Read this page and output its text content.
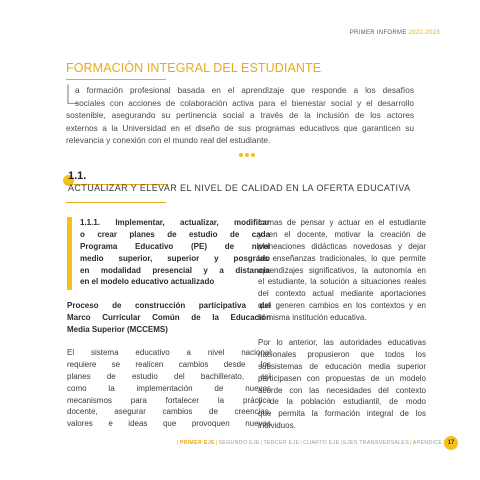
PRIMER INFORME 2022-2023
FORMACIÓN INTEGRAL DEL ESTUDIANTE
L
a formación profesional basada en el aprendizaje que responde a los desafíos
sociales con acciones de colaboración activa para el bienestar social y el desarrollo
sostenible, asegurando su pertinencia social a través de la inclusión de los actores
externos a la Universidad en el diseño de sus programas educativos que garanticen su
relevancia y conexión con el mundo real del estudiante.
1.1.
ACTUALIZAR Y ELEVAR EL NIVEL DE CALIDAD EN LA OFERTA EDUCATIVA
1.1.1. Implementar, actualizar, modificar
o crear planes de estudio de cada
Programa Educativo (PE) de nivel
medio superior, superior y posgrado
en modalidad presencial y a distancia
en el modelo educativo actualizado
Proceso de construcción participativa del
Marco Curricular Común de la Educación
Media Superior (MCCEMS)
El sistema educativo a nivel nacional
requiere se realicen cambios desde los
planes de estudio del bachillerato, así
como la implementación de nuevos
mecanismos para fortalecer la práctica
docente, asegurar cambios de creencias,
valores e ideas que provoquen nuevas
formas de pensar y actuar en el estudiante
y en el docente, motivar la creación de
planeaciones didácticas novedosas y dejar
las enseñanzas tradicionales, lo que permite
aprendizajes significativos, la autonomía en
el estudiante, la solución a situaciones reales
del contexto actual mediante aportaciones
que generen cambios en los contextos y en
la misma institución educativa.
Por lo anterior, las autoridades educativas
nacionales propusieron que todos los
subsistemas de educación media superior
participasen con propuestas de un modelo
acorde con las necesidades del contexto
y de la población estudiantil, de modo
que permita la formación integral de los
individuos.
|PRIMER EJE|SEGUNDO EJE|TERCER EJE|CUARTO EJE|EJES TRANSVERSALES|APÉNDICE 17
